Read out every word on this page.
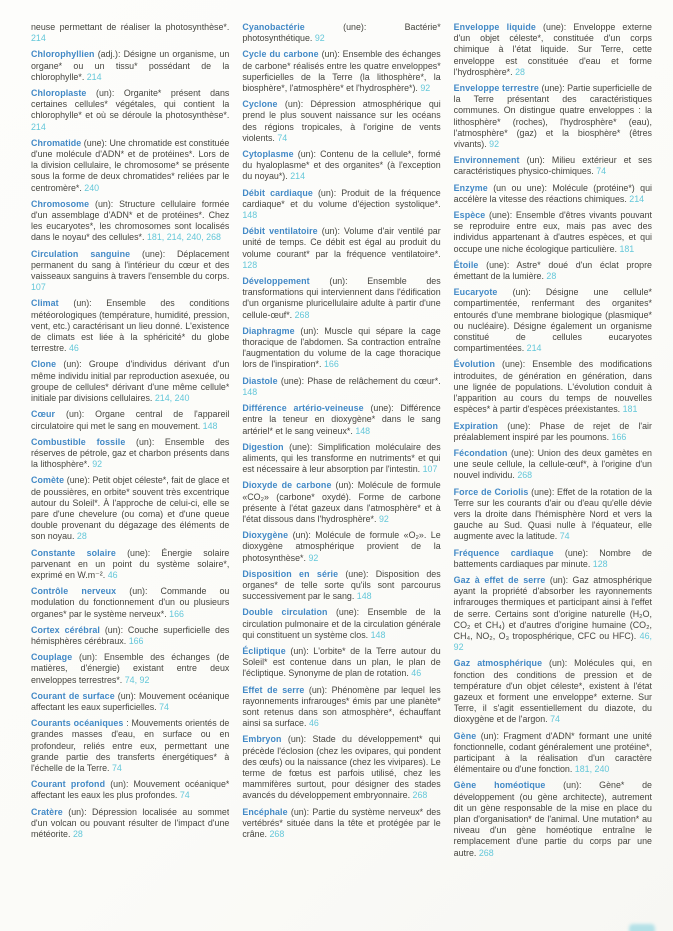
neuse permettant de réaliser la photosynthèse*. 214

Chlorophyllien (adj.): Désigne un organisme, un organe* ou un tissu* possédant de la chlorophylle*. 214

Chloroplaste (un): Organite* présent dans certaines cellules* végétales, qui contient la chlorophylle* et où se déroule la photosynthèse*. 214

Chromatide (une): Une chromatide est constituée d'une molécule d'ADN* et de protéines*. Lors de la division cellulaire, le chromosome* se présente sous la forme de deux chromatides* reliées par le centromère*. 240

Chromosome (un): Structure cellulaire formée d'un assemblage d'ADN* et de protéines*. Chez les eucaryotes*, les chromosomes sont localisés dans le noyau* des cellules*. 181, 214, 240, 268

Circulation sanguine (une): Déplacement permanent du sang à l'intérieur du cœur et des vaisseaux sanguins à travers l'ensemble du corps. 107

Climat (un): Ensemble des conditions météorologiques (température, humidité, pression, vent, etc.) caractérisant un lieu donné. L'existence de climats est liée à la sphéricité* du globe terrestre. 46

Clone (un): Groupe d'individus dérivant d'un même individu initial par reproduction asexuée, ou groupe de cellules* dérivant d'une même cellule* initiale par divisions cellulaires. 214, 240

Cœur (un): Organe central de l'appareil circulatoire qui met le sang en mouvement. 148

Combustible fossile (un): Ensemble des réserves de pétrole, gaz et charbon présents dans la lithosphère*. 92

Comète (une): Petit objet céleste*, fait de glace et de poussières, en orbite* souvent très excentrique autour du Soleil*. À l'approche de celui-ci, elle se pare d'une chevelure (ou coma) et d'une queue double provenant du dégazage des éléments de son noyau. 28

Constante solaire (une): Énergie solaire parvenant en un point du système solaire*, exprimé en W.m⁻². 46

Contrôle nerveux (un): Commande ou modulation du fonctionnement d'un ou plusieurs organes* par le système nerveux*. 166

Cortex cérébral (un): Couche superficielle des hémisphères cérébraux. 166

Couplage (un): Ensemble des échanges (de matières, d'énergie) existant entre deux enveloppes terrestres*. 74, 92

Courant de surface (un): Mouvement océanique affectant les eaux superficielles. 74

Courants océaniques : Mouvements orientés de grandes masses d'eau, en surface ou en profondeur, reliés entre eux, permettant une grande partie des transferts énergétiques* à l'échelle de la Terre. 74

Courant profond (un): Mouvement océanique* affectant les eaux les plus profondes. 74

Cratère (un): Dépression localisée au sommet d'un volcan ou pouvant résulter de l'impact d'une météorite. 28

Cyanobactérie	(une): Bactérie* photosynthétique. 92

Cycle du carbone (un): Ensemble des échanges de carbone* réalisés entre les quatre enveloppes* superficielles de la Terre (la lithosphère*, la biosphère*, l'atmosphère* et l'hydrosphère*). 92

Cyclone (un): Dépression atmosphérique qui prend le plus souvent naissance sur les océans des régions tropicales, à l'origine de vents violents. 74

Cytoplasme (un): Contenu de la cellule*, formé du hyaloplasme* et des organites* (à l'exception du noyau*). 214

Débit cardiaque (un): Produit de la fréquence cardiaque* et du volume d'éjection systolique*. 148

Débit ventilatoire (un): Volume d'air ventilé par unité de temps. Ce débit est égal au produit du volume courant* par la fréquence ventilatoire*. 128

Développement (un): Ensemble des transformations qui interviennent dans l'édification d'un organisme pluricellulaire adulte à partir d'une cellule-œuf*. 268

Diaphragme (un): Muscle qui sépare la cage thoracique de l'abdomen. Sa contraction entraîne l'augmentation du volume de la cage thoracique lors de l'inspiration*. 166

Diastole (une): Phase de relâchement du cœur*. 148

Différence artério-veineuse (une): Différence entre la teneur en dioxygène* dans le sang artériel* et le sang veineux*. 148

Digestion (une): Simplification moléculaire des aliments, qui les transforme en nutriments* et qui est nécessaire à leur absorption par l'intestin. 107

Dioxyde de carbone (un): Molécule de formule «CO₂» (carbone* oxydé). Forme de carbone présente à l'état gazeux dans l'atmosphère* et à l'état dissous dans l'hydrosphère*. 92

Dioxygène (un): Molécule de formule «O₂». Le dioxygène atmosphérique provient de la photosynthèse*. 92

Disposition en série (une): Disposition des organes* de telle sorte qu'ils sont parcourus successivement par le sang. 148

Double circulation (une): Ensemble de la circulation pulmonaire et de la circulation générale qui constituent un système clos. 148

Écliptique (un): L'orbite* de la Terre autour du Soleil* est contenue dans un plan, le plan de l'écliptique. Synonyme de plan de rotation. 46

Effet de serre (un): Phénomène par lequel les rayonnements infrarouges* émis par une planète* sont retenus dans son atmosphère*, échauffant ainsi sa surface. 46

Embryon (un): Stade du développement* qui précède l'éclosion (chez les ovipares, qui pondent des œufs) ou la naissance (chez les vivipares). Le terme de fœtus est parfois utilisé, chez les mammifères surtout, pour désigner des stades avancés du développement embryonnaire. 268

Encéphale (un): Partie du système nerveux* des vertébrés* située dans la tête et protégée par le crâne. 268

Enveloppe liquide (une): Enveloppe externe d'un objet céleste*, constituée d'un corps chimique à l'état liquide. Sur Terre, cette enveloppe est constituée d'eau et forme l'hydrosphère*. 28

Enveloppe terrestre (une): Partie superficielle de la Terre présentant des caractéristiques communes. On distingue quatre enveloppes : la lithosphère* (roches), l'hydrosphère* (eau), l'atmosphère* (gaz) et la biosphère* (êtres vivants). 92

Environnement (un): Milieu extérieur et ses caractéristiques physico-chimiques. 74

Enzyme (un ou une): Molécule (protéine*) qui accélère la vitesse des réactions chimiques. 214

Espèce (une): Ensemble d'êtres vivants pouvant se reproduire entre eux, mais pas avec des individus appartenant à d'autres espèces, et qui occupe une niche écologique particulière. 181

Étoile (une): Astre* doué d'un éclat propre émettant de la lumière. 28

Eucaryote (un): Désigne une cellule* compartimentée, renfermant des organites* entourés d'une membrane biologique (plasmique* ou nucléaire). Désigne également un organisme constitué de cellules eucaryotes compartimentées. 214

Évolution (une): Ensemble des modifications introduites, de génération en génération, dans une lignée de populations. L'évolution conduit à l'apparition au cours du temps de nouvelles espèces* à partir d'espèces préexistantes. 181

Expiration (une): Phase de rejet de l'air préalablement inspiré par les poumons. 166

Fécondation (une): Union des deux gamètes en une seule cellule, la cellule-œuf*, à l'origine d'un nouvel individu. 268

Force de Coriolis (une): Effet de la rotation de la Terre sur les courants d'air ou d'eau qu'elle dévie vers la droite dans l'hémisphère Nord et vers la gauche au Sud. Quasi nulle à l'équateur, elle augmente avec la latitude. 74

Fréquence cardiaque (une): Nombre de battements cardiaques par minute. 128

Gaz à effet de serre (un): Gaz atmosphérique ayant la propriété d'absorber les rayonnements infrarouges thermiques et participant ainsi à l'effet de serre. Certains sont d'origine naturelle (H₂O, CO₂ et CH₄) et d'autres d'origine humaine (CO₂, CH₄, NO₂, O₃ troposphérique, CFC ou HFC). 46, 92

Gaz atmosphérique (un): Molécules qui, en fonction des conditions de pression et de température d'un objet céleste*, existent à l'état gazeux et forment une enveloppe* externe. Sur Terre, il s'agit essentiellement du diazote, du dioxygène et de l'argon. 74

Gène (un): Fragment d'ADN* formant une unité fonctionnelle, codant généralement une protéine*, participant à la réalisation d'un caractère élémentaire ou d'une fonction. 181, 240

Gène homéotique (un): Gène* de développement (ou gène architecte), autrement dit un gène responsable de la mise en place du plan d'organisation* de l'animal. Une mutation* au niveau d'un gène homéotique entraîne le remplacement d'une partie du corps par une autre. 268
